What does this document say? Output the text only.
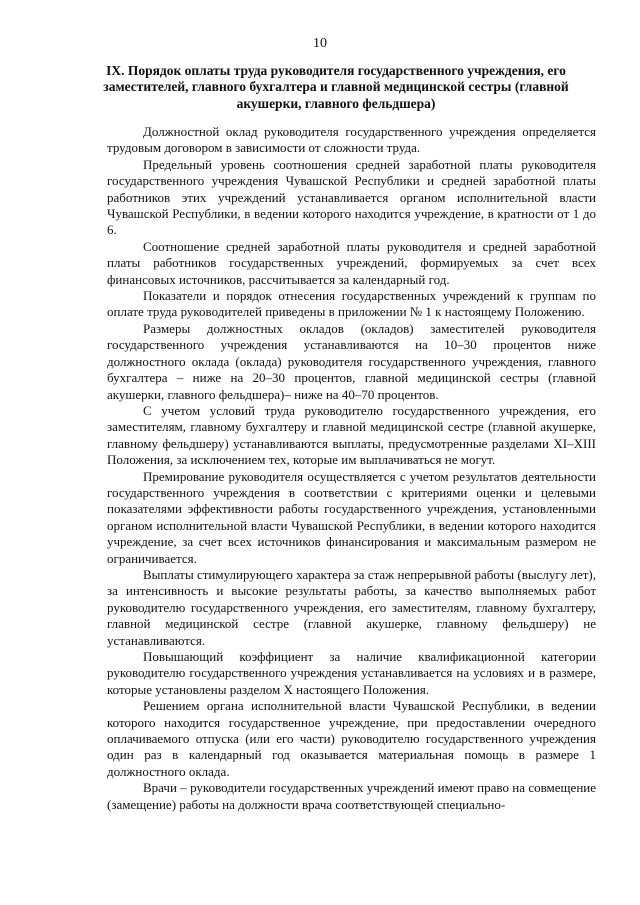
10
IX. Порядок оплаты труда руководителя государственного учреждения, его заместителей, главного бухгалтера и главной медицинской сестры (главной акушерки, главного фельдшера)

Должностной оклад руководителя государственного учреждения определяется трудовым договором в зависимости от сложности труда.

Предельный уровень соотношения средней заработной платы руководителя государственного учреждения Чувашской Республики и средней заработной платы работников этих учреждений устанавливается органом исполнительной власти Чувашской Республики, в ведении которого находится учреждение, в кратности от 1 до 6.

Соотношение средней заработной платы руководителя и средней заработной платы работников государственных учреждений, формируемых за счет всех финансовых источников, рассчитывается за календарный год.

Показатели и порядок отнесения государственных учреждений к группам по оплате труда руководителей приведены в приложении № 1 к настоящему Положению.

Размеры должностных окладов (окладов) заместителей руководителя государственного учреждения устанавливаются на 10–30 процентов ниже должностного оклада (оклада) руководителя государственного учреждения, главного бухгалтера – ниже на 20–30 процентов, главной медицинской сестры (главной акушерки, главного фельдшера)– ниже на 40–70 процентов.

С учетом условий труда руководителю государственного учреждения, его заместителям, главному бухгалтеру и главной медицинской сестре (главной акушерке, главному фельдшеру) устанавливаются выплаты, предусмотренные разделами XI–XIII Положения, за исключением тех, которые им выплачиваться не могут.

Премирование руководителя осуществляется с учетом результатов деятельности государственного учреждения в соответствии с критериями оценки и целевыми показателями эффективности работы государственного учреждения, установленными органом исполнительной власти Чувашской Республики, в ведении которого находится учреждение, за счет всех источников финансирования и максимальным размером не ограничивается.

Выплаты стимулирующего характера за стаж непрерывной работы (выслугу лет), за интенсивность и высокие результаты работы, за качество выполняемых работ руководителю государственного учреждения, его заместителям, главному бухгалтеру, главной медицинской сестре (главной акушерке, главному фельдшеру) не устанавливаются.

Повышающий коэффициент за наличие квалификационной категории руководителю государственного учреждения устанавливается на условиях и в размере, которые установлены разделом X настоящего Положения.

Решением органа исполнительной власти Чувашской Республики, в ведении которого находится государственное учреждение, при предоставлении очередного оплачиваемого отпуска (или его части) руководителю государственного учреждения один раз в календарный год оказывается материальная помощь в размере 1 должностного оклада.

Врачи – руководители государственных учреждений имеют право на совмещение (замещение) работы на должности врача соответствующей специально-
